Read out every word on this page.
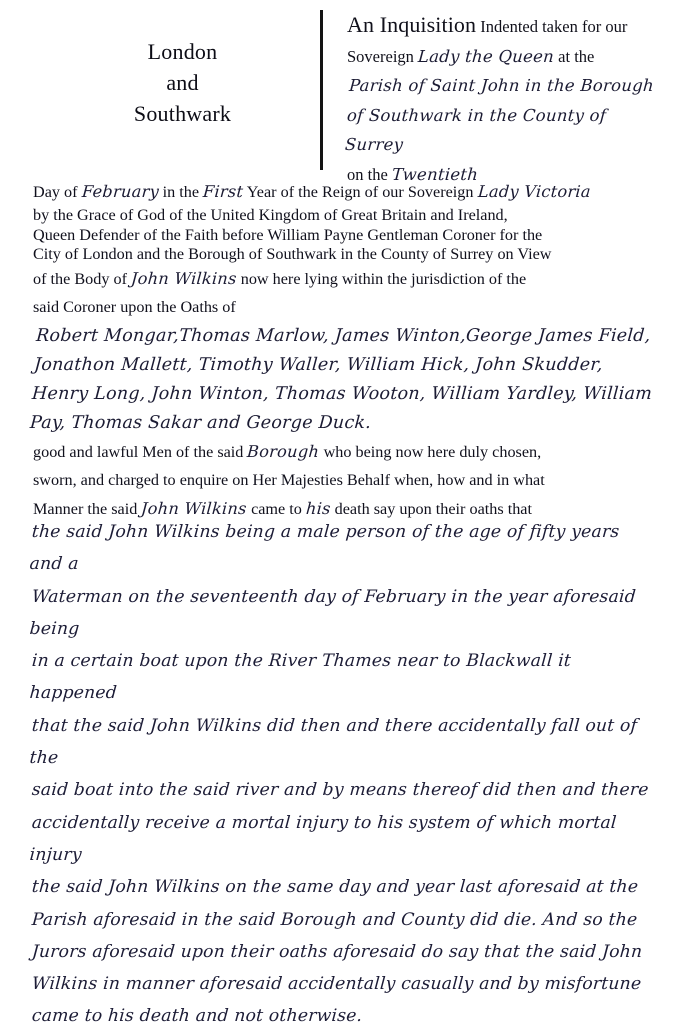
London
and
Southwark
An Inquisition Indented taken for our Sovereign Lady the Queen at the Parish of Saint John in the Borough of Southwark in the County of Surrey on the Twentieth

Day of February in the First Year of the Reign of our Sovereign Lady Victoria
by the Grace of God of the United Kingdom of Great Britain and Ireland,
Queen Defender of the Faith before William Payne Gentleman Coroner for the
City of London and the Borough of Southwark in the County of Surrey on View
of the Body of John Wilkins now here lying within the jurisdiction of the

said Coroner upon the Oaths of Robert Mongar,Thomas Marlow, James Winton,George James Field, Jonathon Mallett, Timothy Waller, William Hick, John Skudder, Henry Long, John Winton, Thomas Wooton, William Yardley, William Pay, Thomas Sakar and George Duck.

good and lawful Men of the said Borough who being now here duly chosen,
sworn, and charged to enquire on Her Majesties Behalf when, how and in what
Manner the said John Wilkins came to his death say upon their oaths that

the said John Wilkins being a male person of the age of fifty years and a
Waterman on the seventeenth day of February in the year aforesaid being
in a certain boat upon the River Thames near to Blackwall it happened
that the said John Wilkins did then and there accidentally fall out of the
said boat into the said river and by means thereof did then and there
accidentally receive a mortal injury to his system of which mortal injury
the said John Wilkins on the same day and year last aforesaid at the
Parish aforesaid in the said Borough and County did die. And so the
Jurors aforesaid upon their oaths aforesaid do say that the said John
Wilkins in manner aforesaid accidentally casually and by misfortune
came to his death and not otherwise.
